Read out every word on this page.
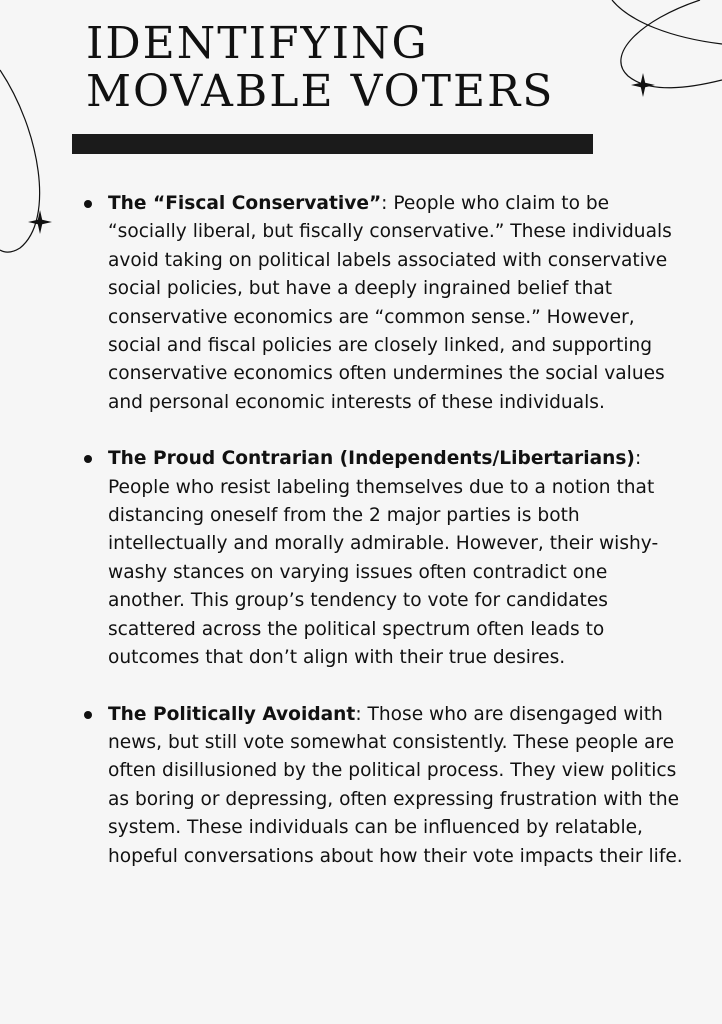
IDENTIFYING
MOVABLE VOTERS
The “Fiscal Conservative”: People who claim to be “socially liberal, but fiscally conservative.” These individuals avoid taking on political labels associated with conservative social policies, but have a deeply ingrained belief that conservative economics are “common sense.” However, social and fiscal policies are closely linked, and supporting conservative economics often undermines the social values and personal economic interests of these individuals.
The Proud Contrarian (Independents/Libertarians): People who resist labeling themselves due to a notion that distancing oneself from the 2 major parties is both intellectually and morally admirable. However, their wishy-washy stances on varying issues often contradict one another. This group’s tendency to vote for candidates scattered across the political spectrum often leads to outcomes that don’t align with their true desires.
The Politically Avoidant: Those who are disengaged with news, but still vote somewhat consistently. These people are often disillusioned by the political process. They view politics as boring or depressing, often expressing frustration with the system. These individuals can be influenced by relatable, hopeful conversations about how their vote impacts their life.
